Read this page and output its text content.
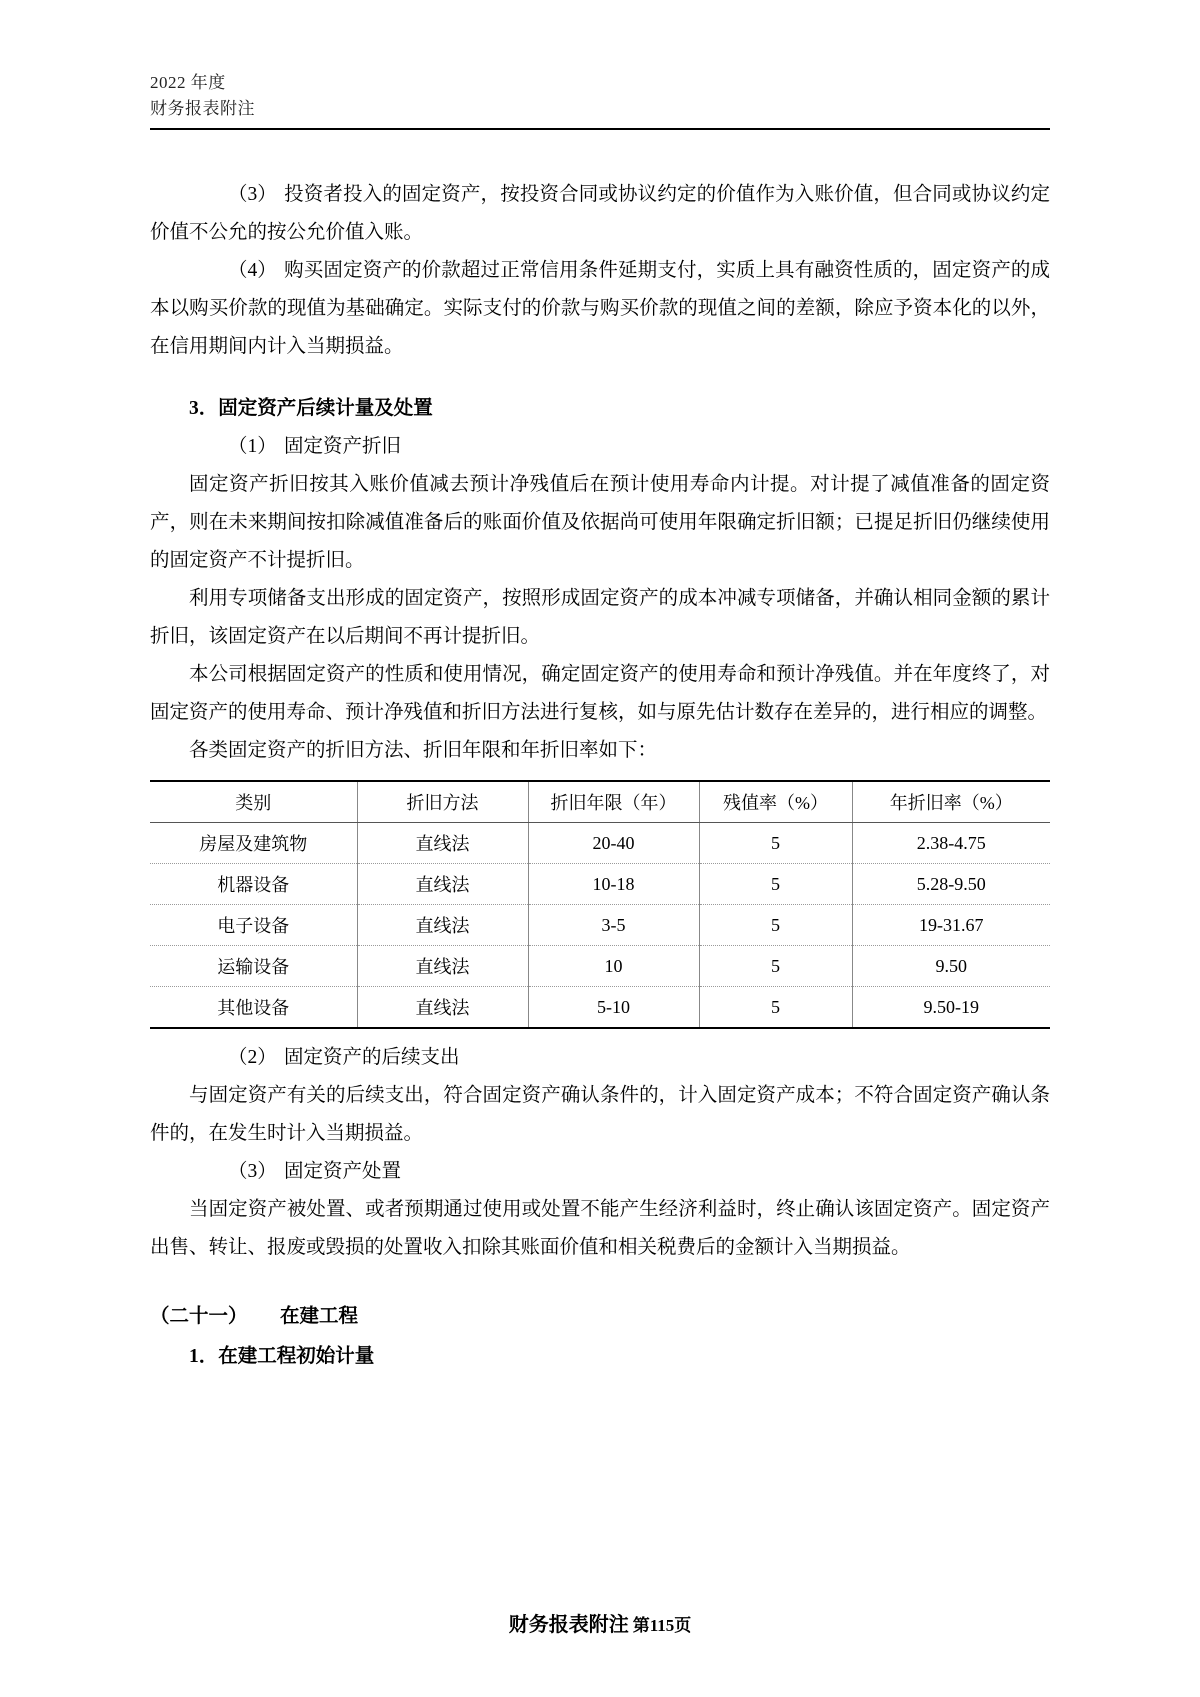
2022 年度
财务报表附注

（3） 投资者投入的固定资产，按投资合同或协议约定的价值作为入账价值，但合同或协议约定价值不公允的按公允价值入账。

（4） 购买固定资产的价款超过正常信用条件延期支付，实质上具有融资性质的，固定资产的成本以购买价款的现值为基础确定。实际支付的价款与购买价款的现值之间的差额，除应予资本化的以外，在信用期间内计入当期损益。

3．固定资产后续计量及处置
（1） 固定资产折旧

固定资产折旧按其入账价值减去预计净残值后在预计使用寿命内计提。对计提了减值准备的固定资产，则在未来期间按扣除减值准备后的账面价值及依据尚可使用年限确定折旧额；已提足折旧仍继续使用的固定资产不计提折旧。

利用专项储备支出形成的固定资产，按照形成固定资产的成本冲减专项储备，并确认相同金额的累计折旧，该固定资产在以后期间不再计提折旧。

本公司根据固定资产的性质和使用情况，确定固定资产的使用寿命和预计净残值。并在年度终了，对固定资产的使用寿命、预计净残值和折旧方法进行复核，如与原先估计数存在差异的，进行相应的调整。

各类固定资产的折旧方法、折旧年限和年折旧率如下：

类别	折旧方法	折旧年限（年）	残值率（%）	年折旧率（%）
房屋及建筑物	直线法	20-40	5	2.38-4.75
机器设备	直线法	10-18	5	5.28-9.50
电子设备	直线法	3-5	5	19-31.67
运输设备	直线法	10	5	9.50
其他设备	直线法	5-10	5	9.50-19
（2） 固定资产的后续支出

与固定资产有关的后续支出，符合固定资产确认条件的，计入固定资产成本；不符合固定资产确认条件的，在发生时计入当期损益。

（3） 固定资产处置

当固定资产被处置、或者预期通过使用或处置不能产生经济利益时，终止确认该固定资产。固定资产出售、转让、报废或毁损的处置收入扣除其账面价值和相关税费后的金额计入当期损益。

（二十一） 在建工程
1．在建工程初始计量
财务报表附注 第115页
